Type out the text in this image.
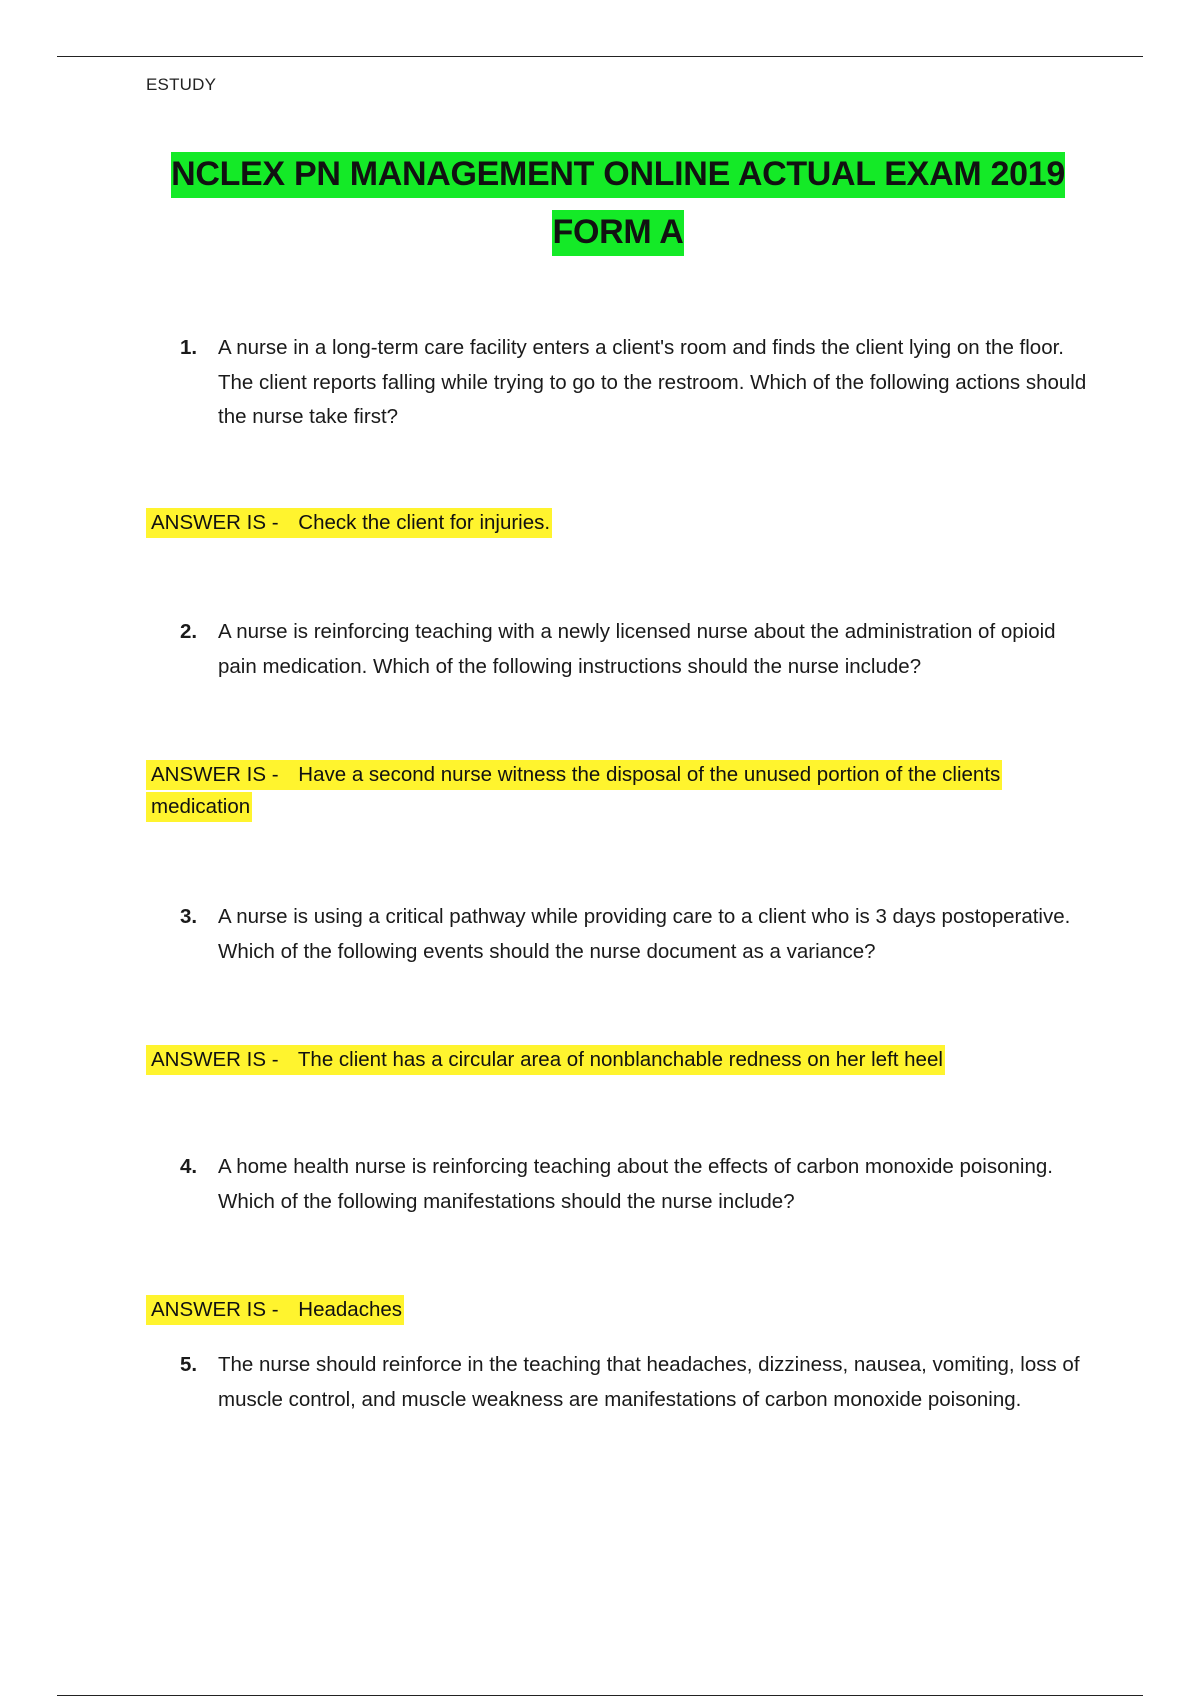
ESTUDY
NCLEX PN MANAGEMENT ONLINE ACTUAL EXAM 2019
FORM A
1.	A nurse in a long-term care facility enters a client's room and finds the client lying on the floor. The client reports falling while trying to go to the restroom. Which of the following actions should the nurse take first?
ANSWER IS - Check the client for injuries.
2.	A nurse is reinforcing teaching with a newly licensed nurse about the administration of opioid pain medication. Which of the following instructions should the nurse include?
ANSWER IS - Have a second nurse witness the disposal of the unused portion of the clients medication
3.	A nurse is using a critical pathway while providing care to a client who is 3 days postoperative. Which of the following events should the nurse document as a variance?
ANSWER IS - The client has a circular area of nonblanchable redness on her left heel
4.	A home health nurse is reinforcing teaching about the effects of carbon monoxide poisoning. Which of the following manifestations should the nurse include?
ANSWER IS - Headaches
5.	The nurse should reinforce in the teaching that headaches, dizziness, nausea, vomiting, loss of muscle control, and muscle weakness are manifestations of carbon monoxide poisoning.
